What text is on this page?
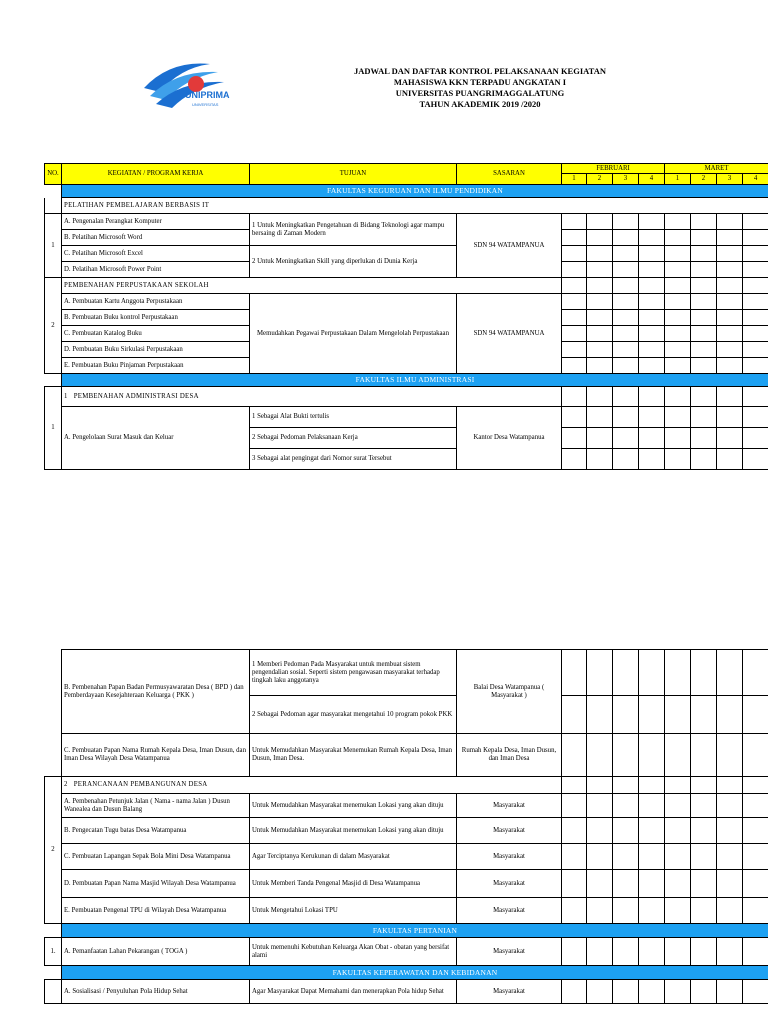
UNIPRIMA
UNIVERSITAS
JADWAL DAN DAFTAR KONTROL PELAKSANAAN KEGIATAN
MAHASISWA KKN TERPADU ANGKATAN I
UNIVERSITAS PUANGRIMAGGALATUNG
TAHUN AKADEMIK 2019 /2020
NO.	KEGIATAN / PROGRAM KERJA	TUJUAN	SASARAN	FEBRUARI				MARET			
				1	2	3	4	1	2	3	4
	FAKULTAS KEGURUAN DAN ILMU PENDIDIKAN										
	PELATIHAN PEMBELAJARAN BERBASIS IT										
1	A. Pengenalan Perangkat Komputer	1 Untuk Meningkatkan Pengetahuan di Bidang Teknologi agar mampu bersaing di Zaman Modern	SDN 94 WATAMPANUA								
	B. Pelatihan Microsoft Word										
	C. Pelatihan Microsoft Excel	2 Untuk Meningkatkan Skill yang diperlukan di Dunia Kerja									
	D. Pelatihan Microsoft Power Point										
2	PEMBENAHAN PERPUSTAKAAN SEKOLAH										
	A. Pembuatan Kartu Anggota Perpustakaan	Memudahkan Pegawai Perpustakaan Dalam Mengelolah Perpustakaan	SDN 94 WATAMPANUA								
	B. Pembuatan Buku kontrol Perpustakaan										
	C. Pembuatan Katalog Buku										
	D. Pembuatan Buku Sirkulasi Perpustakaan										
	E. Pembuatan Buku Pinjaman Perpustakaan										
	FAKULTAS ILMU ADMINISTRASI										
1	1 PEMBENAHAN ADMINISTRASI DESA										
	A. Pengelolaan Surat Masuk dan Keluar	1 Sebagai Alat Bukti tertulis	Kantor Desa Watampanua								
		2 Sebagai Pedoman Pelaksanaan Kerja									
		3 Sebagai alat pengingat dari Nomor surat Tersebut									
	B. Pembenahan Papan Badan Permusyawaratan Desa ( BPD ) dan Pemberdayaan Kesejahteraan Keluarga ( PKK )	1 Memberi Pedoman Pada Masyarakat untuk membuat sistem pengendalian sosial. Seperti sistem pengawasan masyarakat terhadap tingkah laku anggotanya	Balai Desa Watampanua ( Masyarakat )								
		2 Sebagai Pedoman agar masyarakat mengetahui 10 program pokok PKK									
	C. Pembuatan Papan Nama Rumah Kepala Desa, Iman Dusun, dan Iman Desa Wilayah Desa Watampanua	Untuk Memudahkan Masyarakat Menemukan Rumah Kepala Desa, Iman Dusun, Iman Desa.	Rumah Kepala Desa, Iman Dusun, dan Iman Desa								
2	2 PERANCANAAN PEMBANGUNAN DESA										
	A. Pembenahan Petunjuk Jalan ( Nama - nama Jalan ) Dusun Wanealea dan Dusun Balang	Untuk Memudahkan Masyarakat menemukan Lokasi yang akan dituju	Masyarakat								
	B. Pengecatan Tugu batas Desa Watampanua	Untuk Memudahkan Masyarakat menemukan Lokasi yang akan dituju	Masyarakat								
	C. Pembuatan Lapangan Sepak Bola Mini Desa Watampanua	Agar Terciptanya Kerukunan di dalam Masyarakat	Masyarakat								
	D. Pembuatan Papan Nama Masjid Wilayah Desa Watampanua	Untuk Memberi Tanda Pengenal Masjid di Desa Watampanua	Masyarakat								
	E. Pembuatan Pengenal TPU di Wilayah Desa Watampanua	Untuk Mengetahui Lokasi TPU	Masyarakat								
	FAKULTAS PERTANIAN										
1.	A. Pemanfaatan Lahan Pekarangan ( TOGA )	Untuk memenuhi Kebutuhan Keluarga Akan Obat - obatan yang bersifat alami	Masyarakat								
	FAKULTAS KEPERAWATAN DAN KEBIDANAN										
	A. Sosialisasi / Penyuluhan Pola Hidup Sehat	Agar Masyarakat Dapat Memahami dan menerapkan Pola hidup Sehat	Masyarakat								
